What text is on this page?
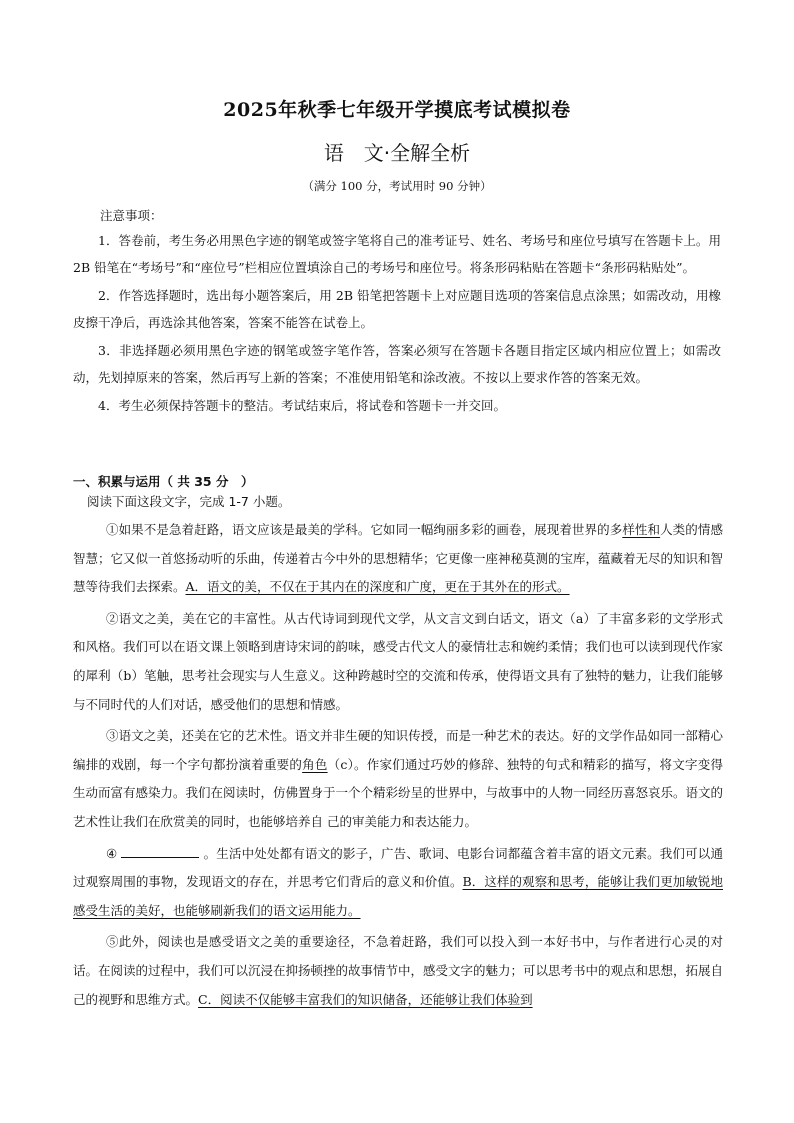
2025年秋季七年级开学摸底考试模拟卷
语　文·全解全析
（满分 100 分，考试用时 90 分钟）
注意事项：

1．答卷前，考生务必用黑色字迹的钢笔或签字笔将自己的准考证号、姓名、考场号和座位号填写在答题卡上。用 2B 铅笔在“考场号”和“座位号”栏相应位置填涂自己的考场号和座位号。将条形码粘贴在答题卡“条形码粘贴处”。

2．作答选择题时，选出每小题答案后，用 2B 铅笔把答题卡上对应题目选项的答案信息点涂黑；如需改动，用橡皮擦干净后，再选涂其他答案，答案不能答在试卷上。

3．非选择题必须用黑色字迹的钢笔或签字笔作答，答案必须写在答题卡各题目指定区域内相应位置上；如需改动，先划掉原来的答案，然后再写上新的答案；不准使用铅笔和涂改液。不按以上要求作答的答案无效。

4．考生必须保持答题卡的整洁。考试结束后，将试卷和答题卡一并交回。

一、积累与运用（ 共 35 分　）
阅读下面这段文字，完成 1-7 小题。

①如果不是急着赶路，语文应该是最美的学科。它如同一幅绚丽多彩的画卷，展现着世界的多样性和人类的情感智慧；它又似一首悠扬动听的乐曲，传递着古今中外的思想精华；它更像一座神秘莫测的宝库，蕴藏着无尽的知识和智慧等待我们去探索。A．语文的美，不仅在于其内在的深度和广度，更在于其外在的形式。

②语文之美，美在它的丰富性。从古代诗词到现代文学，从文言文到白话文，语文（a）了丰富多彩的文学形式和风格。我们可以在语文课上领略到唐诗宋词的韵味，感受古代文人的豪情壮志和婉约柔情；我们也可以读到现代作家的犀利（b）笔触，思考社会现实与人生意义。这种跨越时空的交流和传承，使得语文具有了独特的魅力，让我们能够与不同时代的人们对话，感受他们的思想和情感。

③语文之美，还美在它的艺术性。语文并非生硬的知识传授，而是一种艺术的表达。好的文学作品如同一部精心编排的戏剧，每一个字句都扮演着重要的角色（c）。作家们通过巧妙的修辞、独特的句式和精彩的描写，将文字变得生动而富有感染力。我们在阅读时，仿佛置身于一个个精彩纷呈的世界中，与故事中的人物一同经历喜怒哀乐。语文的艺术性让我们在欣赏美的同时，也能够培养自 己的审美能力和表达能力。

④	。生活中处处都有语文的影子，广告、歌词、电影台词都蕴含着丰富的语文元素。我们可以通过观察周围的事物，发现语文的存在，并思考它们背后的意义和价值。B．这样的观察和思考，能够让我们更加敏锐地感受生活的美好，也能够刷新我们的语文运用能力。

⑤此外，阅读也是感受语文之美的重要途径，不急着赶路，我们可以投入到一本好书中，与作者进行心灵的对话。在阅读的过程中，我们可以沉浸在抑扬顿挫的故事情节中，感受文字的魅力；可以思考书中的观点和思想，拓展自己的视野和思维方式。C．阅读不仅能够丰富我们的知识储备，还能够让我们体验到
